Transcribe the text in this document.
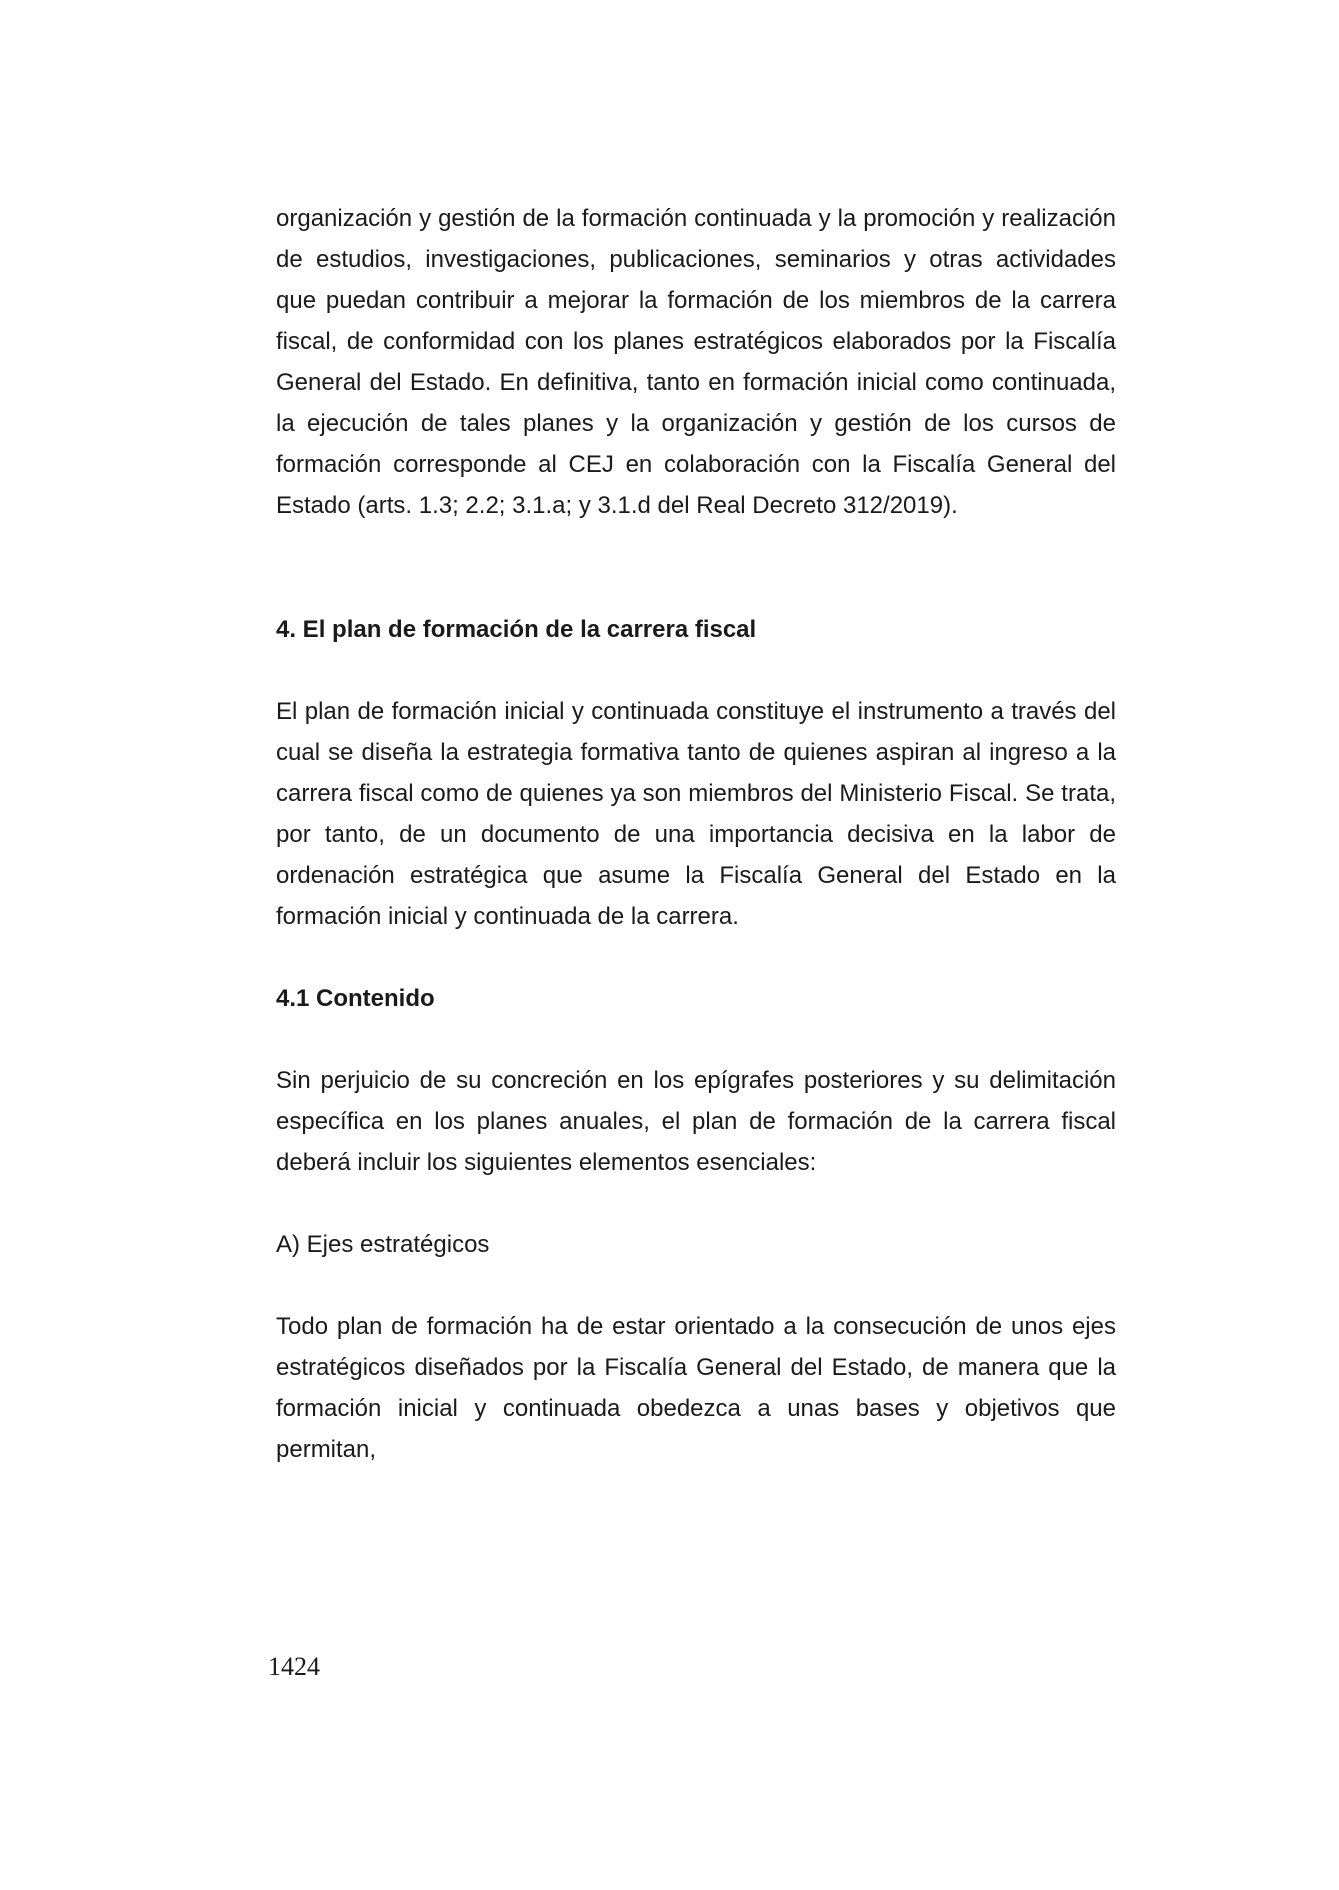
organización y gestión de la formación continuada y la promoción y realización de estudios, investigaciones, publicaciones, seminarios y otras actividades que puedan contribuir a mejorar la formación de los miembros de la carrera fiscal, de conformidad con los planes estratégicos elaborados por la Fiscalía General del Estado. En definitiva, tanto en formación inicial como continuada, la ejecución de tales planes y la organización y gestión de los cursos de formación corresponde al CEJ en colaboración con la Fiscalía General del Estado (arts. 1.3; 2.2; 3.1.a; y 3.1.d del Real Decreto 312/2019).

4. El plan de formación de la carrera fiscal

El plan de formación inicial y continuada constituye el instrumento a través del cual se diseña la estrategia formativa tanto de quienes aspiran al ingreso a la carrera fiscal como de quienes ya son miembros del Ministerio Fiscal. Se trata, por tanto, de un documento de una importancia decisiva en la labor de ordenación estratégica que asume la Fiscalía General del Estado en la formación inicial y continuada de la carrera.

4.1 Contenido

Sin perjuicio de su concreción en los epígrafes posteriores y su delimitación específica en los planes anuales, el plan de formación de la carrera fiscal deberá incluir los siguientes elementos esenciales:

A) Ejes estratégicos

Todo plan de formación ha de estar orientado a la consecución de unos ejes estratégicos diseñados por la Fiscalía General del Estado, de manera que la formación inicial y continuada obedezca a unas bases y objetivos que permitan,

1424
